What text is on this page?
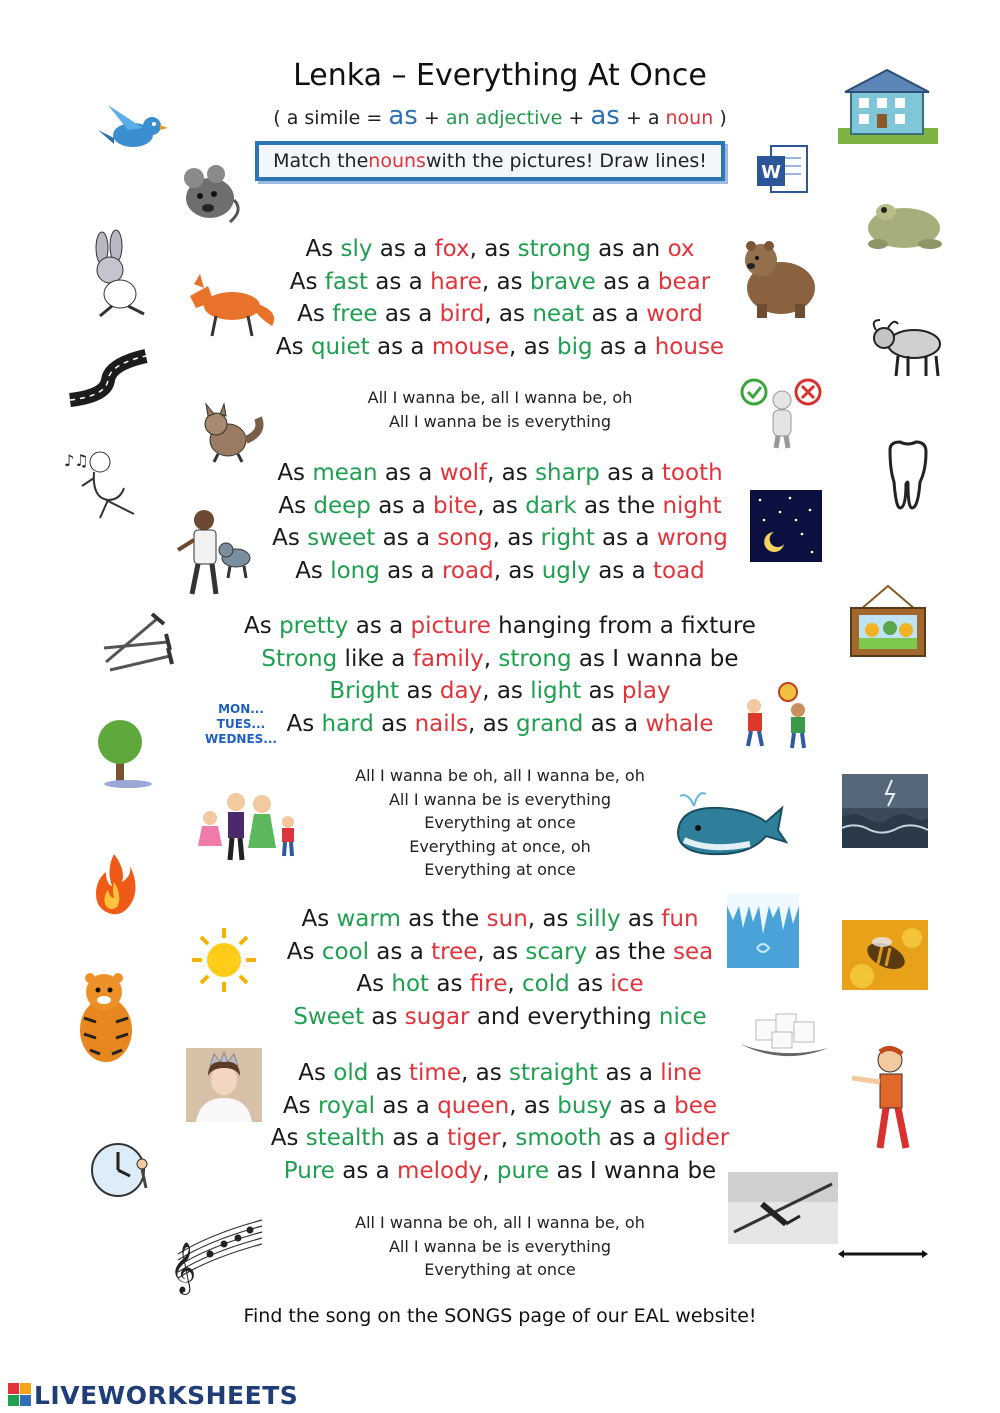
Lenka – Everything At Once
( a simile = as + an adjective + as + a noun )
Match the nouns with the pictures! Draw lines!
As sly as a fox, as strong as an ox
As fast as a hare, as brave as a bear
As free as a bird, as neat as a word
As quiet as a mouse, as big as a house
All I wanna be, all I wanna be, oh
All I wanna be is everything
As mean as a wolf, as sharp as a tooth
As deep as a bite, as dark as the night
As sweet as a song, as right as a wrong
As long as a road, as ugly as a toad
As pretty as a picture hanging from a fixture
Strong like a family, strong as I wanna be
Bright as day, as light as play
As hard as nails, as grand as a whale
All I wanna be oh, all I wanna be, oh
All I wanna be is everything
Everything at once
Everything at once, oh
Everything at once
As warm as the sun, as silly as fun
As cool as a tree, as scary as the sea
As hot as fire, cold as ice
Sweet as sugar and everything nice
As old as time, as straight as a line
As royal as a queen, as busy as a bee
As stealth as a tiger, smooth as a glider
Pure as a melody, pure as I wanna be
All I wanna be oh, all I wanna be, oh
All I wanna be is everything
Everything at once
Find the song on the SONGS page of our EAL website!
LIVEWORKSHEETS
W
♪♫
MON...
TUES...
WEDNES...
𝄞
